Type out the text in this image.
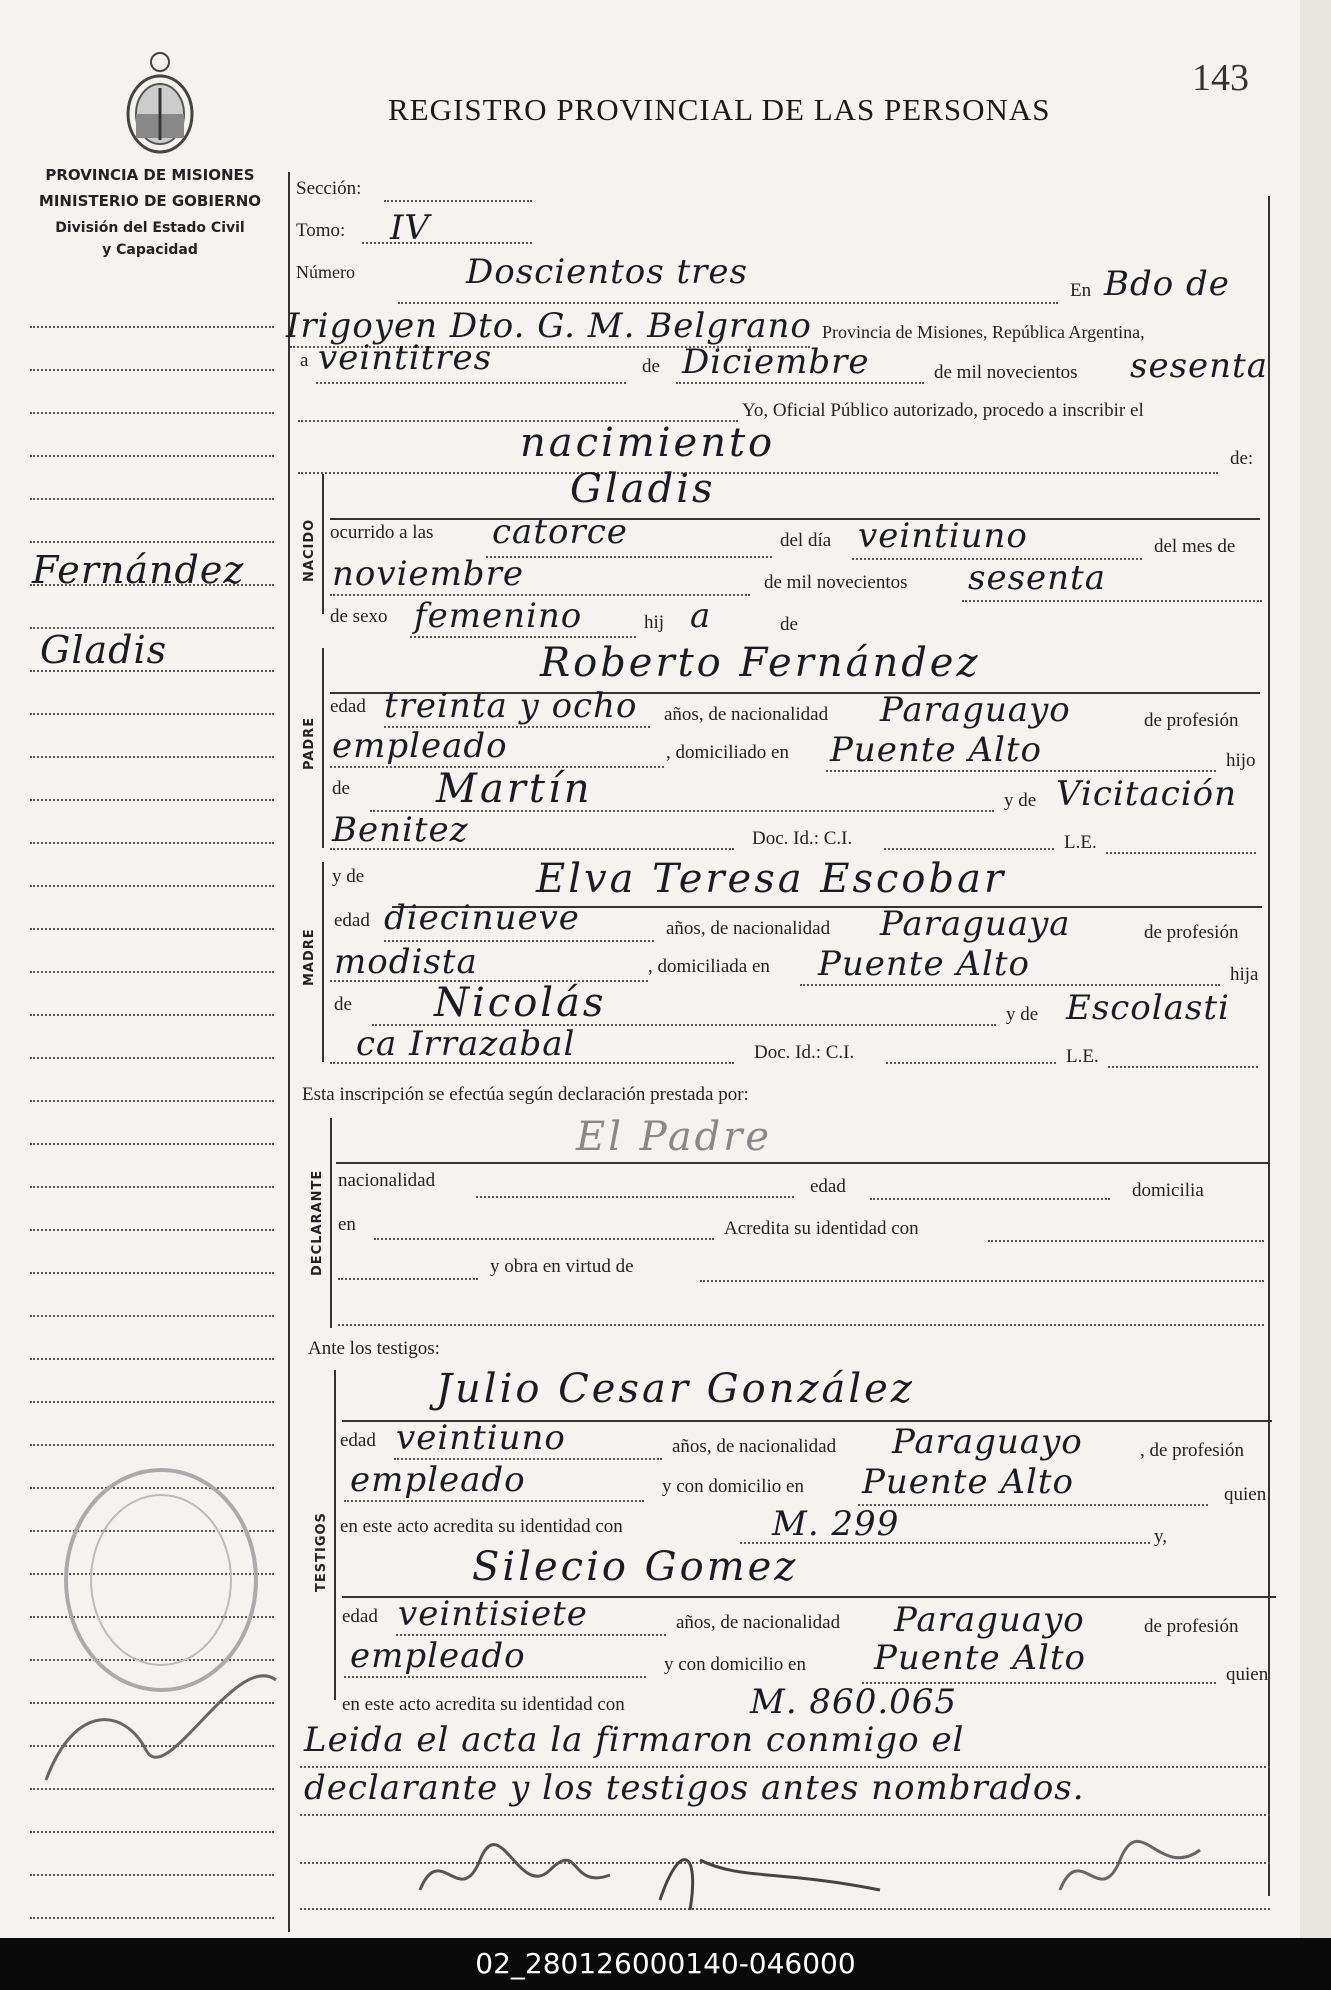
PROVINCIA DE MISIONES
MINISTERIO DE GOBIERNO
División del Estado Civil
y Capacidad
REGISTRO PROVINCIAL DE LAS PERSONAS
143
Fernández
Gladis
Sección:
Tomo: IV
Número	Doscientos tres	En Bdo de
Irigoyen Dto. G. M. Belgrano Provincia de Misiones, República Argentina,
a veintitres	de Diciembre	de mil novecientos sesenta
Yo, Oficial Público autorizado, procedo a inscribir el
nacimiento	de:
NACIDO
Gladis
ocurrido a las catorce	del día veintiuno	del mes de
noviembre	de mil novecientos sesenta
de sexo femenino	hij a	de
PADRE
Roberto Fernández
edad treinta y ocho años, de nacionalidad Paraguayo	de profesión
empleado	, domiciliado en Puente Alto	hijo
de Martín	y de Vicitación
Benitez	Doc. Id.: C.I.	L.E.
MADRE
y de	Elva Teresa Escobar
edad diecinueve	años, de nacionalidad Paraguaya	de profesión
modista	, domiciliada en Puente Alto	hija
de Nicolás	y de Escolasti
ca Irrazabal	Doc. Id.: C.I.	L.E.
Esta inscripción se efectúa según declaración prestada por:
DECLARANTE
El Padre
nacionalidad	edad	domicilia
en	Acredita su identidad con
y obra en virtud de
Ante los testigos:
TESTIGOS
Julio Cesar González
edad veintiuno	años, de nacionalidad Paraguayo	, de profesión
empleado	y con domicilio en Puente Alto	quien
en este acto acredita su identidad con	M. 299	y,
Silecio Gomez
edad veintisiete	años, de nacionalidad Paraguayo	de profesión
empleado	y con domicilio en Puente Alto	quien
en este acto acredita su identidad con	M. 860.065
Leida el acta la firmaron conmigo el
declarante y los testigos antes nombrados.
02_280126000140-046000
